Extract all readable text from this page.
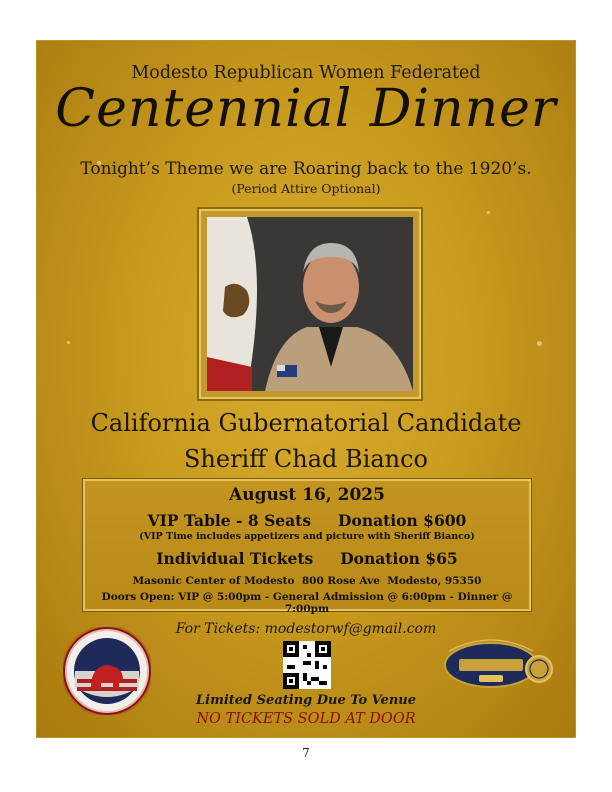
Modesto Republican Women Federated
Centennial Dinner
Tonight’s Theme we are Roaring back to the 1920’s.
(Period Attire Optional)
California Gubernatorial Candidate
Sheriff Chad Bianco
August 16, 2025
VIP Table - 8 Seats     Donation $600
(VIP Time includes appetizers and picture with Sheriff Bianco)
Individual Tickets     Donation $65
Masonic Center of Modesto  800 Rose Ave  Modesto, 95350
Doors Open: VIP @ 5:00pm - General Admission @ 6:00pm - Dinner @ 7:00pm
For Tickets: modestorwf@gmail.com
Limited Seating Due To Venue
NO TICKETS SOLD AT DOOR
7
